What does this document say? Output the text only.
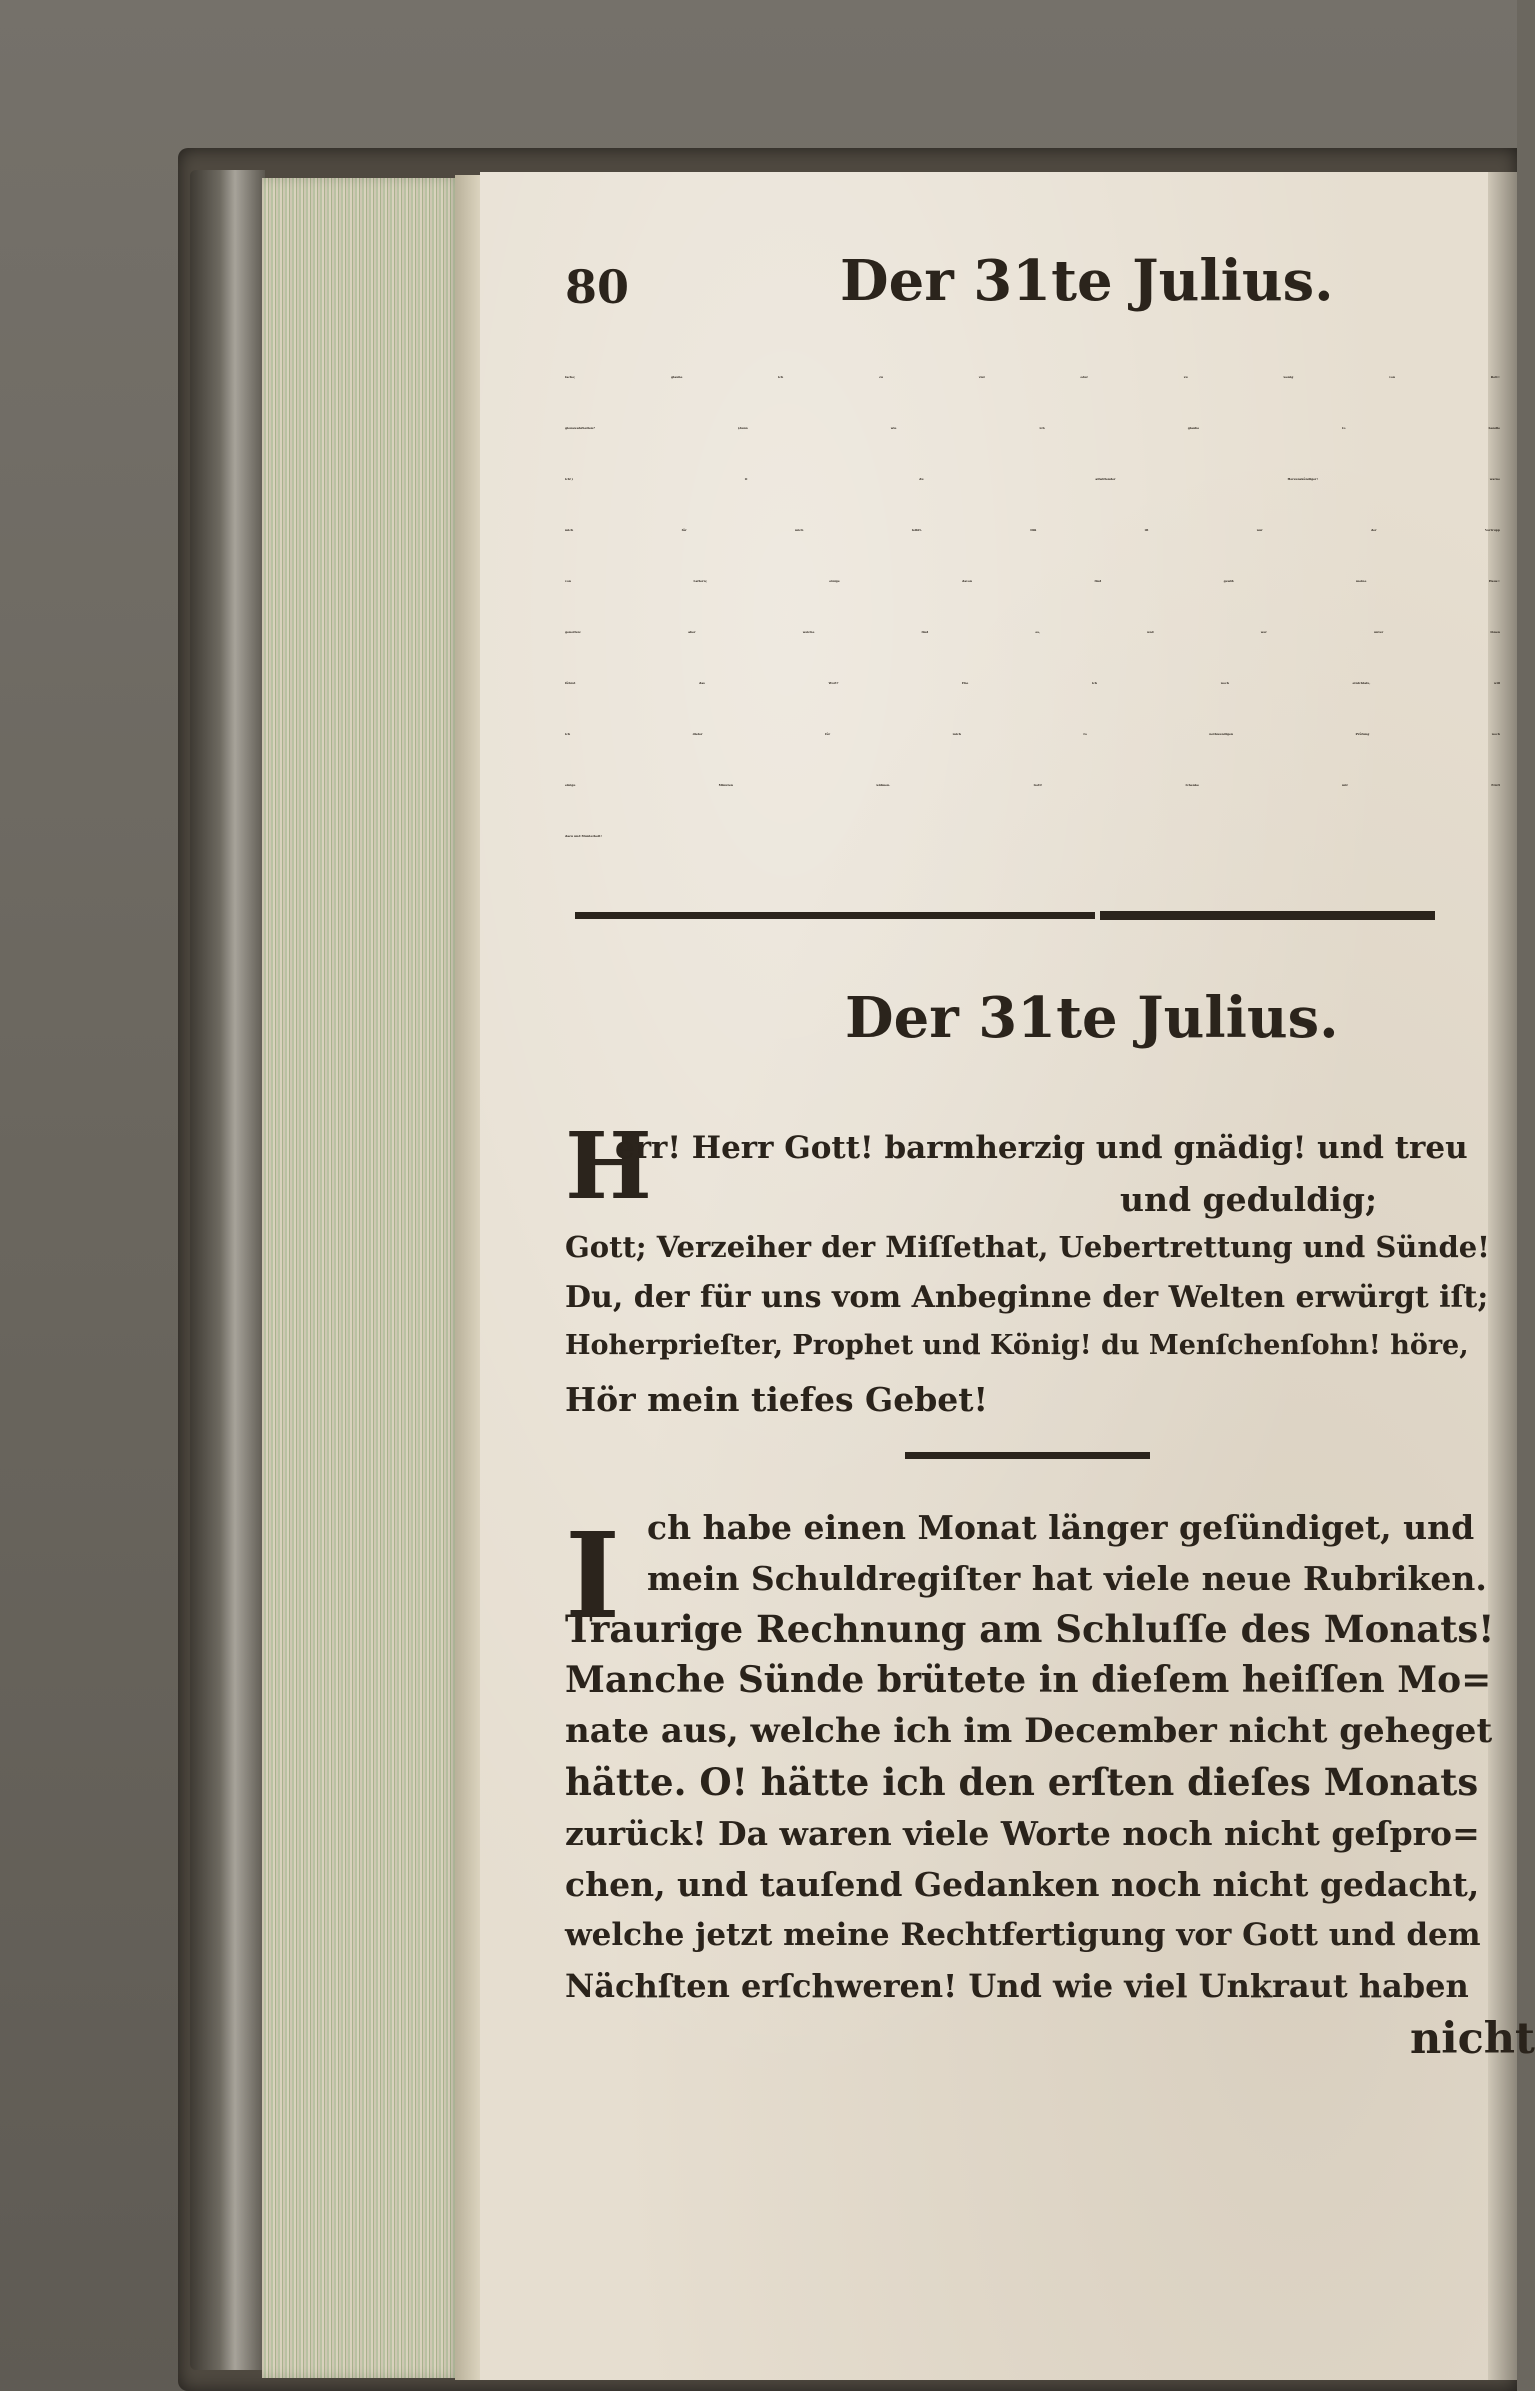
80	Der 31te Julius.
ſache; glaube ich zu viel oder zu wenig von Reli=
gionswahrheiten? (denn wie ich glaube ſo handle
ich!) O du allwiſſender Herzenskündiger! warne
mich für mich ſelbſt. Diß iſt nur der Vortrupp
von Laſtern; einige davon ſind gewiß meine Haus=
genoſſen: aber welche ſind es, und wer unter ihnen
führet das Wort? Ehe ich noch einſchlafe, will
ich dieſer für mich ſo nothwendigen Prüfung noch
einige Minuten widmen. Gott! ſchenke mir Ernſt
dazu und Munterkeit!
Der 31te Julius.
H
err! Herr Gott! barmherzig und gnädig! und treu
und geduldig;
Gott; Verzeiher der Miſſethat, Uebertrettung und Sünde!
Du, der für uns vom Anbeginne der Welten erwürgt iſt;
Hoherprieſter, Prophet und König! du Menſchenſohn! höre,
Hör mein tiefes Gebet!
I ch habe einen Monat länger geſündiget, und
mein Schuldregiſter hat viele neue Rubriken.
Traurige Rechnung am Schluſſe des Monats!
Manche Sünde brütete in dieſem heiſſen Mo=
nate aus, welche ich im December nicht geheget
hätte. O! hätte ich den erſten dieſes Monats
zurück! Da waren viele Worte noch nicht geſpro=
chen, und tauſend Gedanken noch nicht gedacht,
welche jetzt meine Rechtfertigung vor Gott und dem
Nächſten erſchweren! Und wie viel Unkraut haben
nicht
